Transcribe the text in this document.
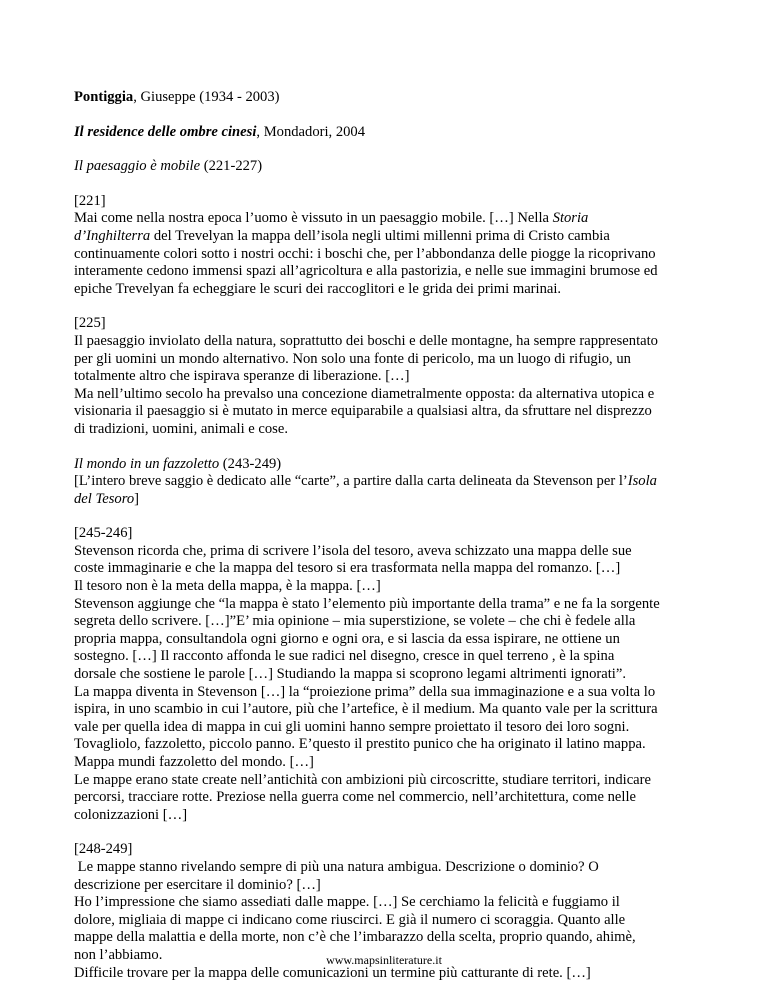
Pontiggia, Giuseppe (1934 - 2003)

Il residence delle ombre cinesi, Mondadori, 2004

Il paesaggio è mobile (221-227)

[221]
Mai come nella nostra epoca l’uomo è vissuto in un paesaggio mobile. […] Nella Storia
d’Inghilterra del Trevelyan la mappa dell’isola negli ultimi millenni prima di Cristo cambia
continuamente colori sotto i nostri occhi: i boschi che, per l’abbondanza delle piogge la ricoprivano
interamente cedono immensi spazi all’agricoltura e alla pastorizia, e nelle sue immagini brumose ed
epiche Trevelyan fa echeggiare le scuri dei raccoglitori e le grida dei primi marinai.

[225]
Il paesaggio inviolato della natura, soprattutto dei boschi e delle montagne, ha sempre rappresentato
per gli uomini un mondo alternativo. Non solo una fonte di pericolo, ma un luogo di rifugio, un
totalmente altro che ispirava speranze di liberazione. […]
Ma nell’ultimo secolo ha prevalso una concezione diametralmente opposta: da alternativa utopica e
visionaria il paesaggio si è mutato in merce equiparabile a qualsiasi altra, da sfruttare nel disprezzo
di tradizioni, uomini, animali e cose.

Il mondo in un fazzoletto (243-249)
[L’intero breve saggio è dedicato alle “carte”, a partire dalla carta delineata da Stevenson per l’Isola
del Tesoro]

[245-246]
Stevenson ricorda che, prima di scrivere l’isola del tesoro, aveva schizzato una mappa delle sue
coste immaginarie e che la mappa del tesoro si era trasformata nella mappa del romanzo. […]
Il tesoro non è la meta della mappa, è la mappa. […]
Stevenson aggiunge che “la mappa è stato l’elemento più importante della trama” e ne fa la sorgente
segreta dello scrivere. […]”E’ mia opinione – mia superstizione, se volete – che chi è fedele alla
propria mappa, consultandola ogni giorno e ogni ora, e si lascia da essa ispirare, ne ottiene un
sostegno. […] Il racconto affonda le sue radici nel disegno, cresce in quel terreno , è la spina
dorsale che sostiene le parole […] Studiando la mappa si scoprono legami altrimenti ignorati”.
La mappa diventa in Stevenson […] la “proiezione prima” della sua immaginazione e a sua volta lo
ispira, in uno scambio in cui l’autore, più che l’artefice, è il medium. Ma quanto vale per la scrittura
vale per quella idea di mappa in cui gli uomini hanno sempre proiettato il tesoro dei loro sogni.
Tovagliolo, fazzoletto, piccolo panno. E’questo il prestito punico che ha originato il latino mappa.
Mappa mundi fazzoletto del mondo. […]
Le mappe erano state create nell’antichità con ambizioni più circoscritte, studiare territori, indicare
percorsi, tracciare rotte. Preziose nella guerra come nel commercio, nell’architettura, come nelle
colonizzazioni […]

[248-249]
Le mappe stanno rivelando sempre di più una natura ambigua. Descrizione o dominio? O
descrizione per esercitare il dominio? […]
Ho l’impressione che siamo assediati dalle mappe. […] Se cerchiamo la felicità e fuggiamo il
dolore, migliaia di mappe ci indicano come riuscirci. E già il numero ci scoraggia. Quanto alle
mappe della malattia e della morte, non c’è che l’imbarazzo della scelta, proprio quando, ahimè,
non l’abbiamo.
Difficile trovare per la mappa delle comunicazioni un termine più catturante di rete. […]

www.mapsinliterature.it
